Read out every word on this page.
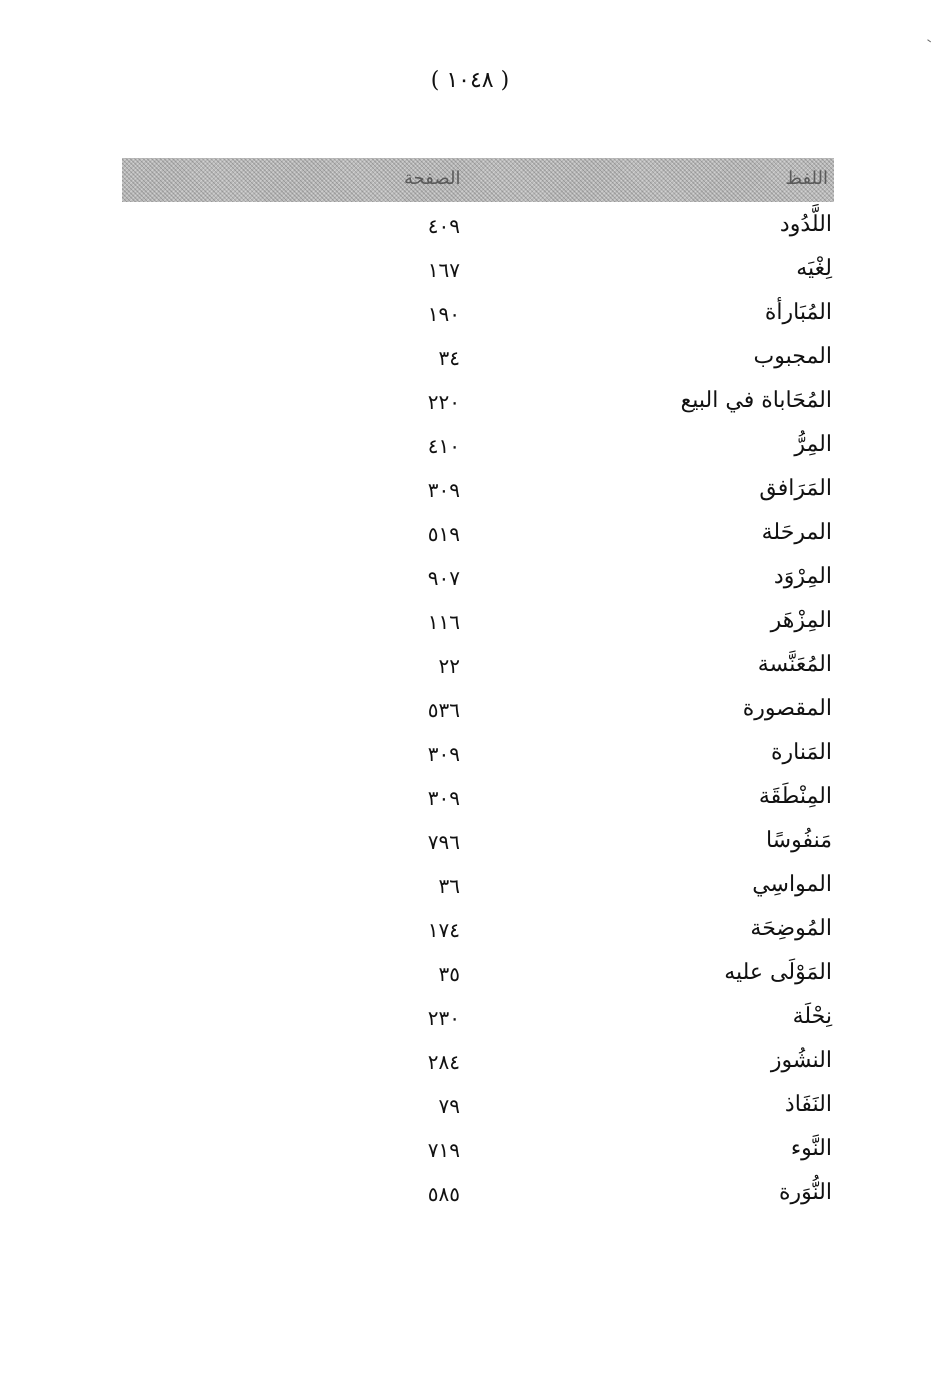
( ١٠٤٨ )
اللفظ
الصفحة
اللَّدُود
٤٠٩
لِغْيَه
١٦٧
المُبَارأة
١٩٠
المجبوب
٣٤
المُحَاباة في البيع
٢٢٠
المِرُّ
٤١٠
المَرَافق
٣٠٩
المرحَلة
٥١٩
المِرْوَد
٩٠٧
المِزْهَر
١١٦
المُعَنَّسة
٢٢
المقصورة
٥٣٦
المَنارة
٣٠٩
المِنْطَقَة
٣٠٩
مَنفُوسًا
٧٩٦
المواسِي
٣٦
المُوضِحَة
١٧٤
المَوْلَى عليه
٣٥
نِحْلَة
٢٣٠
النشُوز
٢٨٤
النَفَاذ
٧٩
النَّوء
٧١٩
النُّوَرة
٥٨٥
